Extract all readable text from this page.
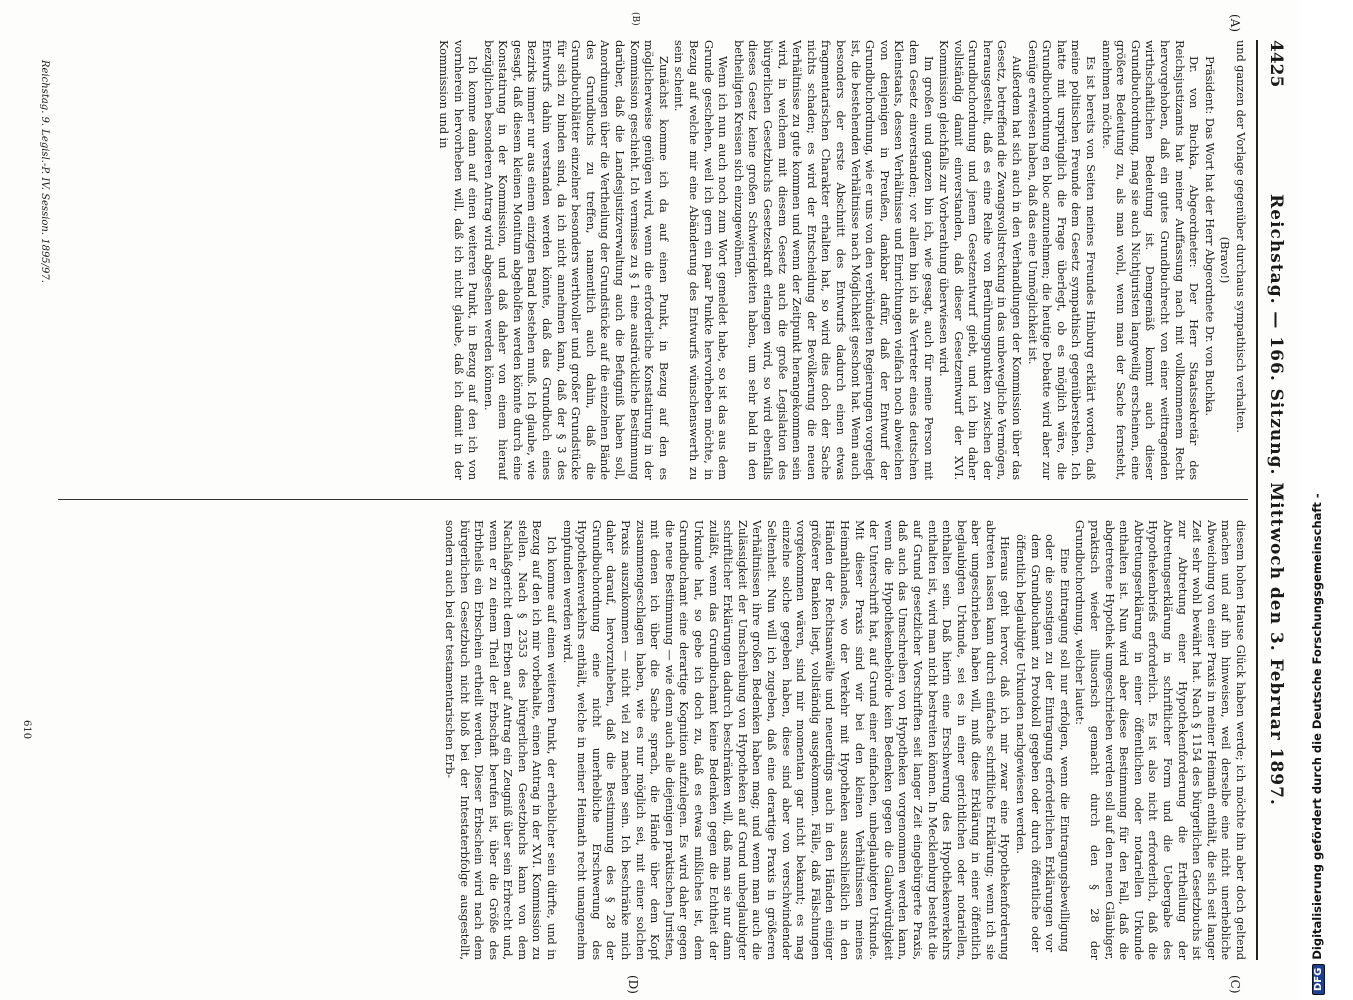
4425
Reichstag. — 166. Sitzung. Mittwoch den 3. Februar 1897.
(A)
(B)
(C)
(D)

und ganzen der Vorlage gegenüber durchaus sympathisch verhalten.

(Bravo!)

Präsident: Das Wort hat der Herr Abgeordnete Dr. von Buchka.

Dr. von Buchka, Abgeordneter: Der Herr Staatssekretär des Reichsjustizamts hat meiner Auffassung nach mit vollkommenem Recht hervorgehoben, daß ein gutes Grundbuchrecht von einer weittragenden wirthschaftlichen Bedeutung ist. Demgemäß kommt auch dieser Grundbuchordnung, mag sie auch Nichtjuristen langweilig erscheinen, eine größere Bedeutung zu, als man wohl, wenn man der Sache fernsteht, annehmen möchte.

Es ist bereits von Seiten meines Freundes Hinburg erklärt worden, daß meine politischen Freunde dem Gesetz sympathisch gegenüberstehen. Ich hatte mit ursprünglich die Frage überlegt, ob es möglich wäre, die Grundbuchordnung en bloc anzunehmen; die heutige Debatte wird aber zur Genüge erwiesen haben, daß das eine Unmöglichkeit ist.

Außerdem hat sich auch in den Verhandlungen der Kommission über das Gesetz, betreffend die Zwangsvollstreckung in das unbewegliche Vermögen, herausgestellt, daß es eine Reihe von Berührungspunkten zwischen der Grundbuchordnung und jenem Gesetzentwurf giebt, und ich bin daher vollständig damit einverstanden, daß dieser Gesetzentwurf der XVI. Kommission gleichfalls zur Vorberathung überwiesen wird.

Im großen und ganzen bin ich, wie gesagt, auch für meine Person mit dem Gesetz einverstanden; vor allem bin ich als Vertreter eines deutschen Kleinstaats, dessen Verhältnisse und Einrichtungen vielfach noch abweichen von denjenigen in Preußen, dankbar dafür, daß der Entwurf der Grundbuchordnung, wie er uns von den verbündeten Regierungen vorgelegt ist, die bestehenden Verhältnisse nach Möglichkeit geschont hat. Wenn auch besonders der erste Abschnitt des Entwurfs dadurch einen etwas fragmentarischen Charakter erhalten hat, so wird dies doch der Sache nichts schaden; es wird der Entscheidung der Bevölkerung die neuen Verhältnisse zu gute kommen und wenn der Zeitpunkt herangekommen sein wird, in welchem mit diesem Gesetz auch die große Legislation des bürgerlichen Gesetzbuchs Gesetzeskraft erlangen wird, so wird ebenfalls dieses Gesetz keine großen Schwierigkeiten haben, um sehr bald in den betheiligten Kreisen sich einzugewöhnen.

Wenn ich nun auch noch zum Wort gemeldet habe, so ist das aus dem Grunde geschehen, weil ich gern ein paar Punkte hervorheben möchte, in Bezug auf welche mir eine Abänderung des Entwurfs wünschenswerth zu sein scheint.

Zunächst komme ich da auf einen Punkt, in Bezug auf den es möglicherweise genügen wird, wenn die erforderliche Konstatirung in der Kommission geschieht. Ich vermisse zu § 1 eine ausdrückliche Bestimmung darüber, daß die Landesjustizverwaltung auch die Befugniß haben soll, Anordnungen über die Vertheilung der Grundstücke auf die einzelnen Bände des Grundbuchs zu treffen, namentlich auch dahin, daß die Grundbuchblätter einzelner besonders werthvoller und großer Grundstücke für sich zu binden sind, da ich nicht annehmen kann, daß der § 3 des Entwurfs dahin verstanden werden könnte, daß das Grundbuch eines Bezirks immer nur aus einem einzigen Band bestehen muß. Ich glaube, wie gesagt, daß diesem kleinen Monitum abgeholfen werden könnte durch eine Konstatirung in der Kommission, und daß daher von einem hierauf bezüglichen besonderen Antrag wird abgesehen werden können.

Ich komme dann auf einen weiteren Punkt, in Bezug auf den ich von vornherein hervorheben will, daß ich nicht glaube, daß ich damit in der Kommission und in

diesem hohen Hause Glück haben werde; ich möchte ihn aber doch geltend machen und auf ihn hinweisen, weil derselbe eine nicht unerhebliche Abweichung von einer Praxis in meiner Heimath enthält, die sich seit langer Zeit sehr wohl bewährt hat. Nach § 1154 des bürgerlichen Gesetzbuchs ist zur Abtretung einer Hypothekenforderung die Ertheilung der Abtretungserklärung in schriftlicher Form und die Uebergabe des Hypothekenbriefs erforderlich. Es ist also nicht erforderlich, daß die Abtretungserklärung in einer öffentlichen oder notariellen Urkunde enthalten ist. Nun wird aber diese Bestimmung für den Fall, daß die abgetretene Hypothek umgeschrieben werden soll auf den neuen Gläubiger, praktisch wieder illusorisch gemacht durch den § 28 der Grundbuchordnung, welcher lautet:

Eine Eintragung soll nur erfolgen, wenn die Eintragungsbewilligung oder die sonstigen zu der Eintragung erforderlichen Erklärungen vor dem Grundbuchamt zu Protokoll gegeben oder durch öffentliche oder öffentlich beglaubigte Urkunden nachgewiesen werden.

Hieraus geht hervor, daß ich mir zwar eine Hypothekenforderung abtreten lassen kann durch einfache schriftliche Erklärung; wenn ich sie aber umgeschrieben haben will, muß diese Erklärung in einer öffentlich beglaubigten Urkunde, sei es in einer gerichtlichen oder notariellen, enthalten sein. Daß hierin eine Erschwerung des Hypothekenverkehrs enthalten ist, wird man nicht bestreiten können. In Mecklenburg besteht die auf Grund gesetzlicher Vorschriften seit langer Zeit eingebürgerte Praxis, daß auch das Umschreiben von Hypotheken vorgenommen werden kann, wenn die Hypothekenbehörde kein Bedenken gegen die Glaubwürdigkeit der Unterschrift hat, auf Grund einer einfachen, unbeglaubigten Urkunde. Mit dieser Praxis sind wir bei den kleinen Verhältnissen meines Heimathlandes, wo der Verkehr mit Hypotheken ausschließlich in den Händen der Rechtsanwälte und neuerdings auch in den Händen einiger größerer Banken liegt, vollständig ausgekommen. Fälle, daß Fälschungen vorgekommen wären, sind mir momentan gar nicht bekannt; es mag einzelne solche gegeben haben, diese sind aber von verschwindender Seltenheit. Nun will ich zugeben, daß eine derartige Praxis in größeren Verhältnissen ihre großen Bedenken haben mag; und wenn man auch die Zulässigkeit der Umschreibung von Hypotheken auf Grund unbeglaubigter schriftlicher Erklärungen dadurch beschränken will, daß man sie nur dann zuläßt, wenn das Grundbuchamt keine Bedenken gegen die Echtheit der Urkunde hat, so gebe ich doch zu, daß es etwas mißliches ist, dem Grundbuchamt eine derartige Kognition aufzulegen. Es wird daher gegen die neue Bestimmung — wie denn auch alle diejenigen praktischen Juristen, mit denen ich über die Sache sprach, die Hände über dem Kopf zusammengeschlagen haben, wie es nur möglich sei, mit einer solchen Praxis auszukommen — nicht viel zu machen sein. Ich beschränke mich daher darauf, hervorzuheben, daß die Bestimmung des § 28 der Grundbuchordnung eine nicht unerhebliche Erschwerung des Hypothekenverkehrs enthält, welche in meiner Heimath recht unangenehm empfunden werden wird.

Ich komme auf einen weiteren Punkt, der erheblicher sein dürfte, und in Bezug auf den ich mir vorbehalte, einen Antrag in der XVI. Kommission zu stellen. Nach § 2353 des bürgerlichen Gesetzbuchs kann von dem Nachlaßgericht dem Erben auf Antrag ein Zeugniß über sein Erbrecht und, wenn er zu einem Theil der Erbschaft berufen ist, über die Größe des Erbtheils ein Erbschein ertheilt werden. Dieser Erbschein wird nach dem bürgerlichen Gesetzbuch nicht bloß bei der Intestaterbfolge ausgestellt, sondern auch bei der testamentarischen Erb-

Reichstag. 9. Legisl.-P. IV. Session. 1895/97.
610
DFGDigitalisierung gefördert durch die Deutsche Forschungsgemeinschaft -
